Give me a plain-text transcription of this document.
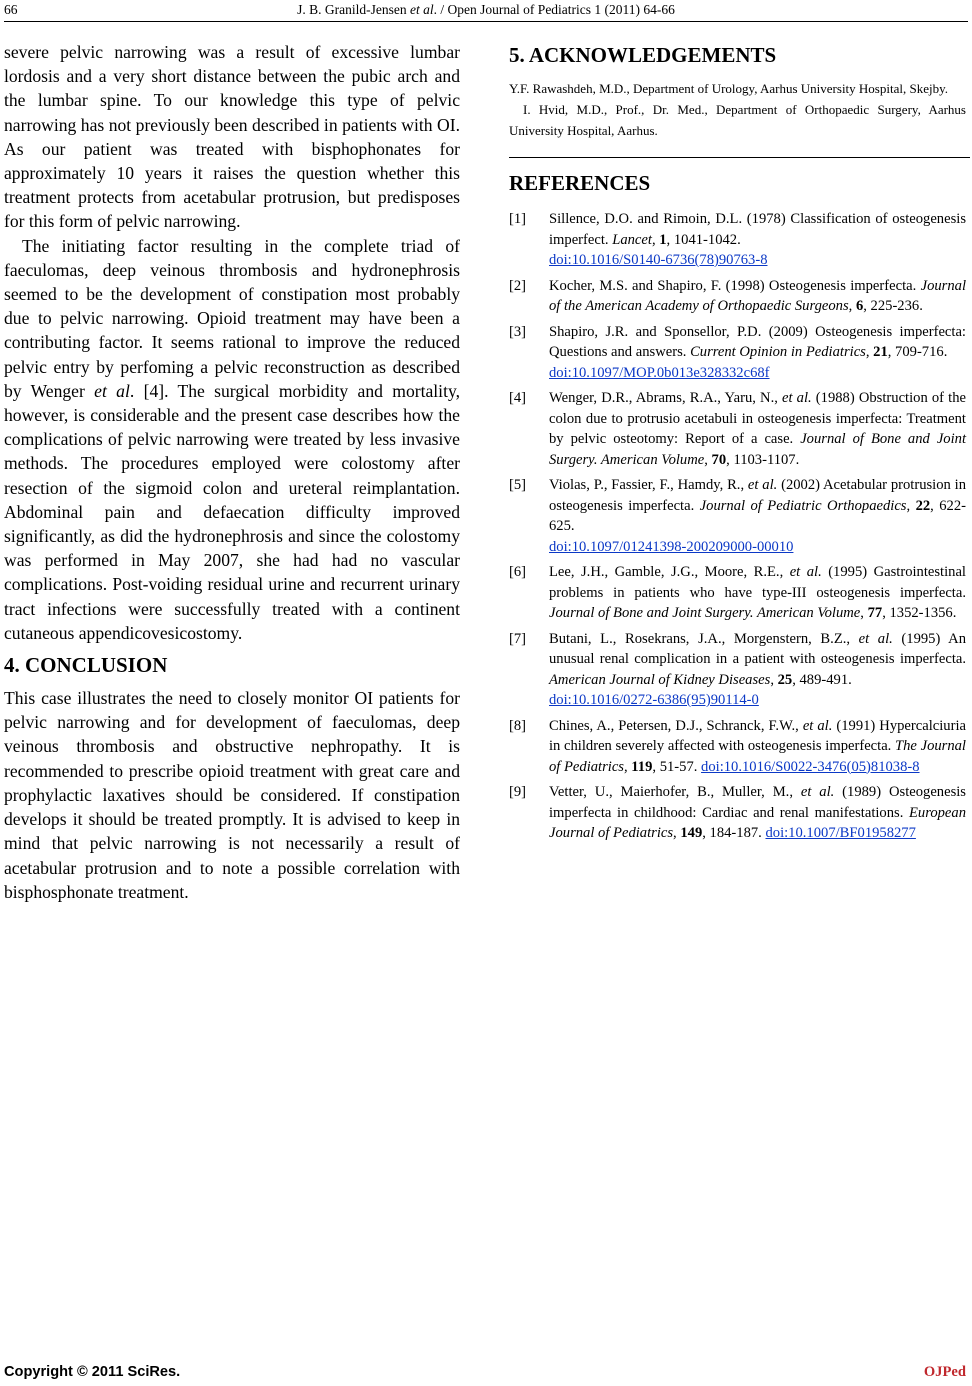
66	J. B. Granild-Jensen et al. / Open Journal of Pediatrics 1 (2011) 64-66

severe pelvic narrowing was a result of excessive lumbar lordosis and a very short distance between the pubic arch and the lumbar spine. To our knowledge this type of pelvic narrowing has not previously been described in patients with OI. As our patient was treated with bisphophonates for approximately 10 years it raises the question whether this treatment protects from acetabular protrusion, but predisposes for this form of pelvic narrowing.

The initiating factor resulting in the complete triad of faeculomas, deep veinous thrombosis and hydronephrosis seemed to be the development of constipation most probably due to pelvic narrowing. Opioid treatment may have been a contributing factor. It seems rational to improve the reduced pelvic entry by perfoming a pelvic reconstruction as described by Wenger et al. [4]. The surgical morbidity and mortality, however, is considerable and the present case describes how the complications of pelvic narrowing were treated by less invasive methods. The procedures employed were colostomy after resection of the sigmoid colon and ureteral reimplantation. Abdominal pain and defaecation difficulty improved significantly, as did the hydronephrosis and since the colostomy was performed in May 2007, she had had no vascular complications. Post-voiding residual urine and recurrent urinary tract infections were successfully treated with a continent cutaneous appendicovesicostomy.

4. CONCLUSION

This case illustrates the need to closely monitor OI patients for pelvic narrowing and for development of faeculomas, deep veinous thrombosis and obstructive nephropathy. It is recommended to prescribe opioid treatment with great care and prophylactic laxatives should be considered. If constipation develops it should be treated promptly. It is advised to keep in mind that pelvic narrowing is not necessarily a result of acetabular protrusion and to note a possible correlation with bisphosphonate treatment.

5. ACKNOWLEDGEMENTS

Y.F. Rawashdeh, M.D., Department of Urology, Aarhus University Hospital, Skejby.

I. Hvid, M.D., Prof., Dr. Med., Department of Orthopaedic Surgery, Aarhus University Hospital, Aarhus.

REFERENCES
[1] Sillence, D.O. and Rimoin, D.L. (1978) Classification of osteogenesis imperfect. Lancet, 1, 1041-1042.
doi:10.1016/S0140-6736(78)90763-8
[2] Kocher, M.S. and Shapiro, F. (1998) Osteogenesis imperfecta. Journal of the American Academy of Orthopaedic Surgeons, 6, 225-236.
[3] Shapiro, J.R. and Sponsellor, P.D. (2009) Osteogenesis imperfecta: Questions and answers. Current Opinion in Pediatrics, 21, 709-716.
doi:10.1097/MOP.0b013e328332c68f
[4] Wenger, D.R., Abrams, R.A., Yaru, N., et al. (1988) Obstruction of the colon due to protrusio acetabuli in osteogenesis imperfecta: Treatment by pelvic osteotomy: Report of a case. Journal of Bone and Joint Surgery. American Volume, 70, 1103-1107.
[5] Violas, P., Fassier, F., Hamdy, R., et al. (2002) Acetabular protrusion in osteogenesis imperfecta. Journal of Pediatric Orthopaedics, 22, 622-625.
doi:10.1097/01241398-200209000-00010
[6] Lee, J.H., Gamble, J.G., Moore, R.E., et al. (1995) Gastrointestinal problems in patients who have type-III osteogenesis imperfecta. Journal of Bone and Joint Surgery. American Volume, 77, 1352-1356.
[7] Butani, L., Rosekrans, J.A., Morgenstern, B.Z., et al. (1995) An unusual renal complication in a patient with osteogenesis imperfecta. American Journal of Kidney Diseases, 25, 489-491.
doi:10.1016/0272-6386(95)90114-0
[8] Chines, A., Petersen, D.J., Schranck, F.W., et al. (1991) Hypercalciuria in children severely affected with osteogenesis imperfecta. The Journal of Pediatrics, 119, 51-57. doi:10.1016/S0022-3476(05)81038-8
[9] Vetter, U., Maierhofer, B., Muller, M., et al. (1989) Osteogenesis imperfecta in childhood: Cardiac and renal manifestations. European Journal of Pediatrics, 149, 184-187. doi:10.1007/BF01958277
Copyright © 2011 SciRes.	OJPed
